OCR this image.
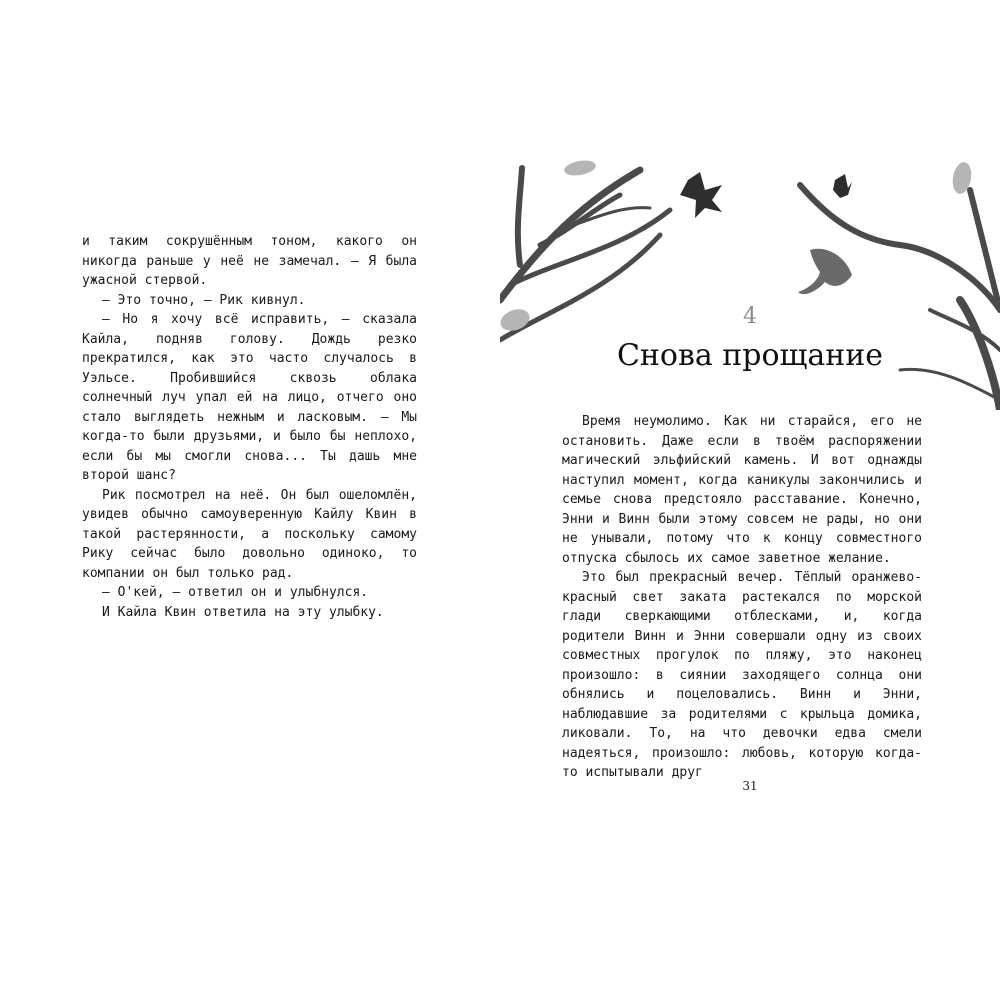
и таким сокрушённым тоном, какого он никогда раньше у неё не замечал. — Я была ужасной стервой.

— Это точно, — Рик кивнул.

— Но я хочу всё исправить, — сказала Кайла, подняв голову. Дождь резко прекратился, как это часто случалось в Уэльсе. Пробившийся сквозь облака солнечный луч упал ей на лицо, отчего оно стало выглядеть нежным и ласковым. — Мы когда-то были друзьями, и было бы неплохо, если бы мы смогли снова... Ты дашь мне второй шанс?

Рик посмотрел на неё. Он был ошеломлён, увидев обычно самоуверенную Кайлу Квин в такой растерянности, а поскольку самому Рику сейчас было довольно одиноко, то компании он был только рад.

— О'кей, — ответил он и улыбнулся.

И Кайла Квин ответила на эту улыбку.

4
Снова прощание

Время неумолимо. Как ни старайся, его не остановить. Даже если в твоём распоряжении магический эльфийский камень. И вот однажды наступил момент, когда каникулы закончились и семье снова предстояло расставание. Конечно, Энни и Винн были этому совсем не рады, но они не унывали, потому что к концу совместного отпуска сбылось их самое заветное желание.

Это был прекрасный вечер. Тёплый оранжево-красный свет заката растекался по морской глади сверкающими отблесками, и, когда родители Винн и Энни совершали одну из своих совместных прогулок по пляжу, это наконец произошло: в сиянии заходящего солнца они обнялись и поцеловались. Винн и Энни, наблюдавшие за родителями с крыльца домика, ликовали. То, на что девочки едва смели надеяться, произошло: любовь, которую когда-то испытывали друг

31
